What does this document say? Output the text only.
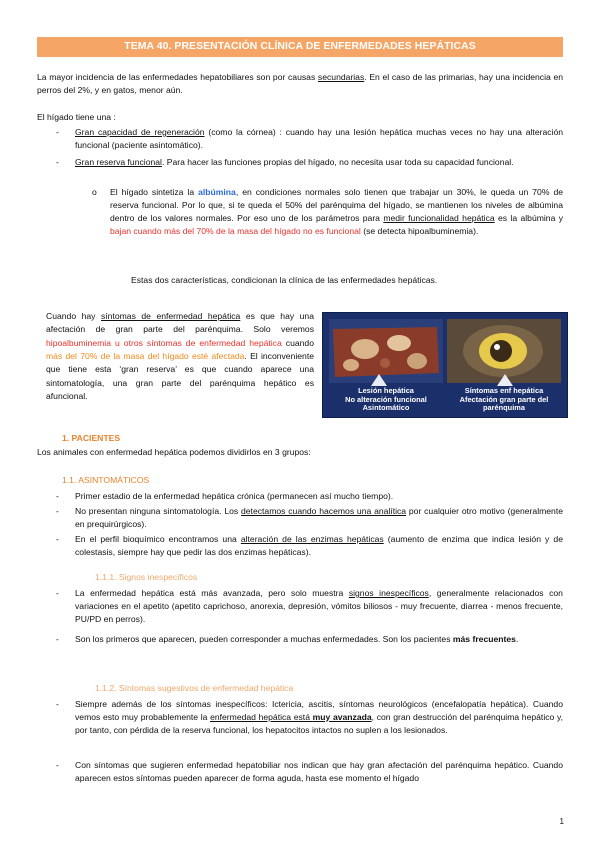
TEMA 40. PRESENTACIÓN CLÍNICA DE ENFERMEDADES HEPÁTICAS

La mayor incidencia de las enfermedades hepatobiliares son por causas secundarias. En el caso de las primarias, hay una incidencia en perros del 2%, y en gatos, menor aún.

El hígado tiene una :

- Gran capacidad de regeneración (como la córnea) : cuando hay una lesión hepática muchas veces no hay una alteración funcional (paciente asintomático).
- Gran reserva funcional. Para hacer las funciones propias del hígado, no necesita usar toda su capacidad funcional.
o El hígado sintetiza la albúmina, en condiciones normales solo tienen que trabajar un 30%, le queda un 70% de reserva funcional. Por lo que, si te queda el 50% del parénquima del hígado, se mantienen los niveles de albúmina dentro de los valores normales. Por eso uno de los parámetros para medir funcionalidad hepática es la albúmina y bajan cuando más del 70% de la masa del hígado no es funcional (se detecta hipoalbuminemia).

Estas dos características, condicionan la clínica de las enfermedades hepáticas.

Cuando hay síntomas de enfermedad hepática es que hay una afectación de gran parte del parénquima. Solo veremos hipoalbuminemia u otros síntomas de enfermedad hepática cuando más del 70% de la masa del hígado esté afectada. El inconveniente que tiene esta ‘gran reserva’ es que cuando aparece una sintomatología, una gran parte del parénquima hepático es afuncional.	Lesión hepática
No alteración funcional
Asintomático
Síntomas enf hepática
Afectación gran parte del
parénquima

1. PACIENTES

Los animales con enfermedad hepática podemos dividirlos en 3 grupos:

1.1. ASINTOMÁTICOS

- Primer estadio de la enfermedad hepática crónica (permanecen así mucho tiempo).
- No presentan ninguna sintomatología. Los detectamos cuando hacemos una analítica por cualquier otro motivo (generalmente en prequirúrgicos).
- En el perfil bioquímico encontramos una alteración de las enzimas hepáticas (aumento de enzima que indica lesión y de colestasis, siempre hay que pedir las dos enzimas hepáticas).

1.1.1. Signos inespecíficos

- La enfermedad hepática está más avanzada, pero solo muestra signos inespecíficos, generalmente relacionados con variaciones en el apetito (apetito caprichoso, anorexia, depresión, vómitos biliosos - muy frecuente, diarrea - menos frecuente, PU/PD en perros).
- Son los primeros que aparecen, pueden corresponder a muchas enfermedades. Son los pacientes más frecuentes.

1.1.2. Síntomas sugestivos de enfermedad hepática

- Siempre además de los síntomas inespecíficos: Ictericia, ascitis, síntomas neurológicos (encefalopatía hepática). Cuando vemos esto muy probablemente la enfermedad hepática está muy avanzada, con gran destrucción del parénquima hepático y, por tanto, con pérdida de la reserva funcional, los hepatocitos intactos no suplen a los lesionados.
- Con síntomas que sugieren enfermedad hepatobiliar nos indican que hay gran afectación del parénquima hepático. Cuando aparecen estos síntomas pueden aparecer de forma aguda, hasta ese momento el hígado
1
